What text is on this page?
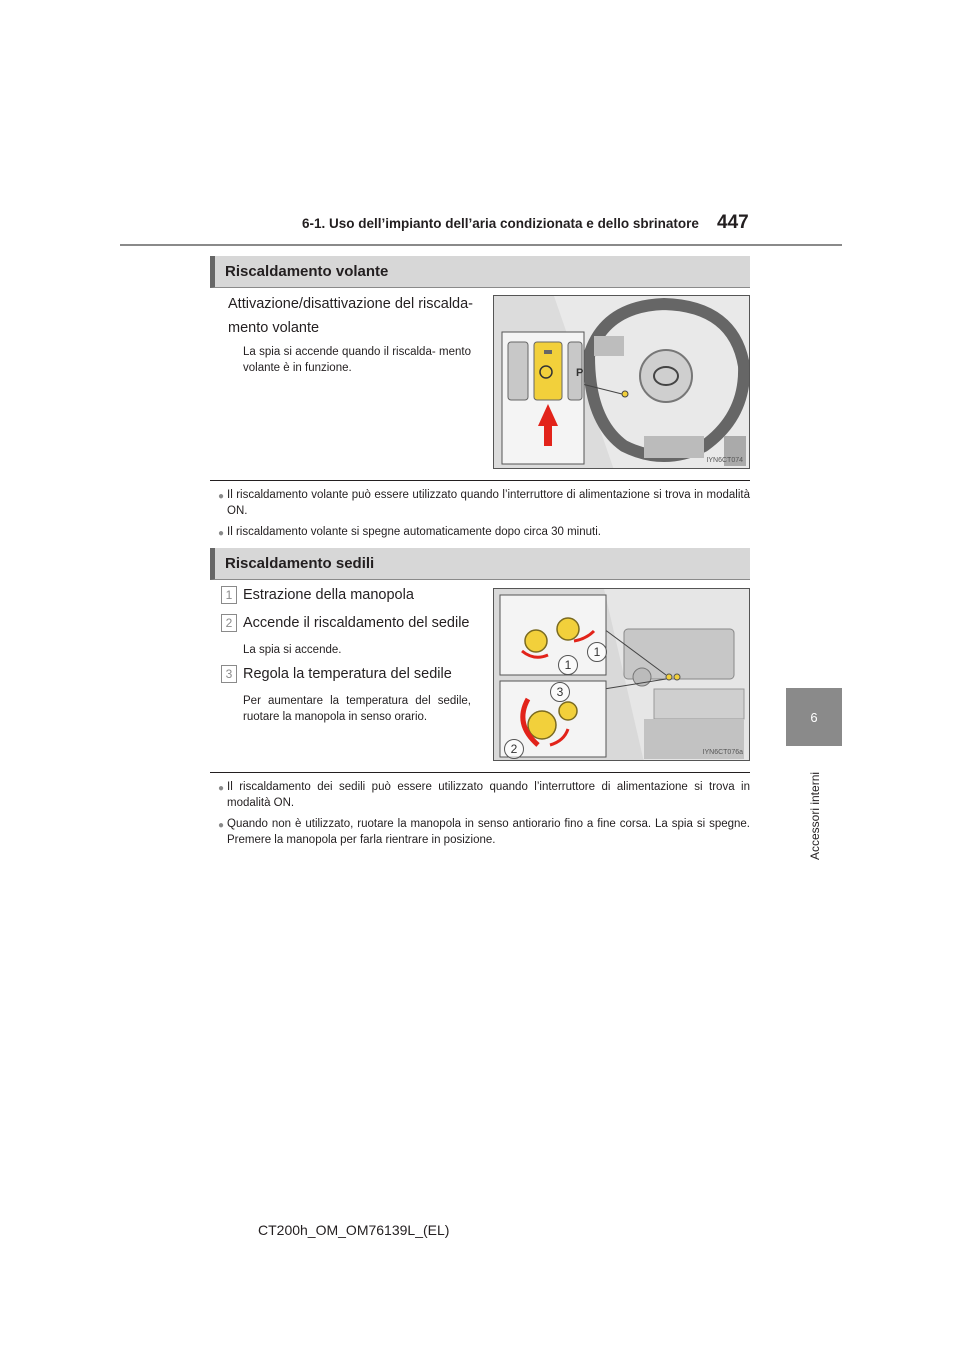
6-1. Uso dell’impianto dell’aria condizionata e dello sbrinatore 447
6
Accessori interni
Riscaldamento volante
Attivazione/disattivazione del riscalda- mento volante
La spia si accende quando il riscalda- mento volante è in funzione.	P
IYN6CT074
● Il riscaldamento volante può essere utilizzato quando l’interruttore di alimentazione si trova in modalità ON.
● Il riscaldamento volante si spegne automaticamente dopo circa 30 minuti.
Riscaldamento sedili
1 Estrazione della manopola
2 Accende il riscaldamento del sedile
La spia si accende.
3 Regola la temperatura del sedile
Per aumentare la temperatura del sedile, ruotare la manopola in senso orario.
1
1
3
2	IYN6CT076a
● Il riscaldamento dei sedili può essere utilizzato quando l’interruttore di alimentazione si trova in modalità ON.
● Quando non è utilizzato, ruotare la manopola in senso antiorario fino a fine corsa. La spia si spegne. Premere la manopola per farla rientrare in posizione.
CT200h_OM_OM76139L_(EL)
